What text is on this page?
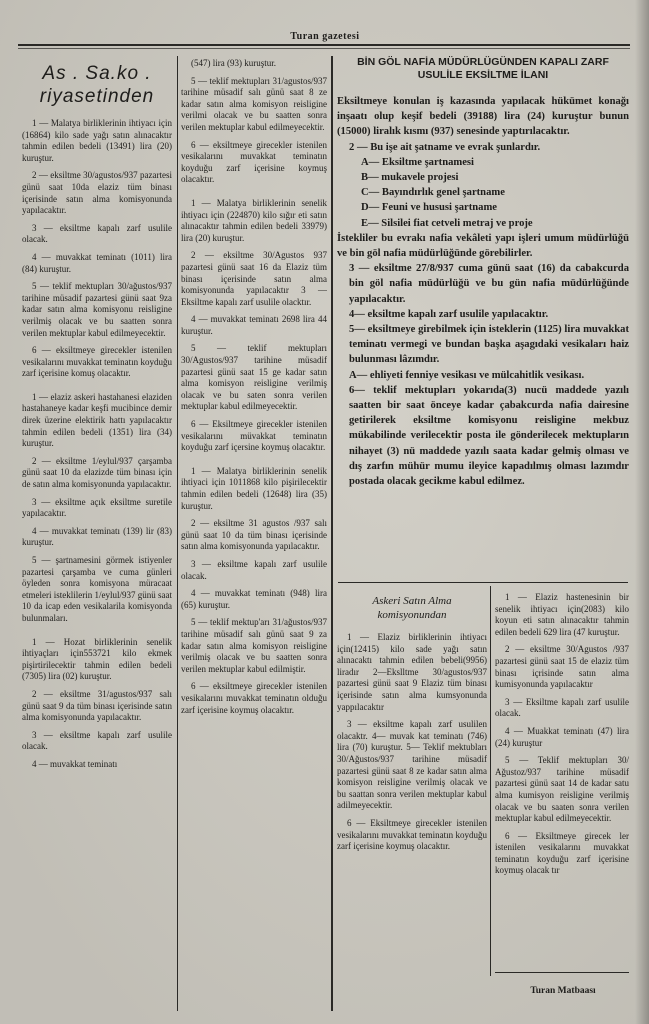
Turan gazetesi
As . Sa.ko . riyasetinden

1 — Malatya birliklerinin ihtiyacı için (16864) kilo sade yağı satın alınacaktır tahmin edilen bedeli (13491) lira (20) kuruştur.

2 — eksiltme 30/agustos/937 pazartesi günü saat 10da elaziz tüm binası içerisinde satın alma komisyonunda yapılacaktır.

3 — eksiltme kapalı zarf usulile olacak.

4 — muvakkat teminatı (1011) lira (84) kuruştur.

5 — teklif mektupları 30/ağustos/937 tarihine müsadif pazartesi günü saat 9za kadar satın alma komisyonu reisligine verilmiş olacak ve bu saatten sonra verilen mektuplar kabul edilmeyecektir.

6 — eksiltmeye girecekler istenilen vesikalarını muvakkat teminatın koyduğu zarf içerisine komuş olacaktır.

1 — elaziz askeri hastahanesi elaziden hastahaneye kadar keşfi mucibince demir direk üzerine elektirik hattı yapılacaktır tahmin edilen bedeli (1351) lira (34) kuruştur.

2 — eksiltme 1/eylul/937 çarşamba günü saat 10 da elazizde tüm binası için de satın alma komisyonunda yapılacaktır.

3 — eksiltme açık eksiltme suretile yapılacaktır.

4 — muvakkat teminatı (139) lir (83) kuruştur.

5 — şartnamesini görmek istiyenler pazartesi çarşamba ve cuma günleri öyleden sonra komisyona müracaat etmeleri isteklilerin 1/eylul/937 günü saat 10 da icap eden vesikalarila komisyonda bulunmaları.

1 — Hozat birliklerinin senelik ihtiyaçları için553721 kilo ekmek pişirtirilecektir tahmin edilen bedeli (7305) lira (02) kuruştur.

2 — eksiltme 31/agustos/937 salı günü saat 9 da tüm binası içerisinde satın alma komisyonunda yapılacaktır.

3 — eksiltme kapalı zarf usulile olacak.

4 — muvakkat teminatı

(547) lira (93) kuruştur.

5 — teklif mektupları 31/agustos/937 tarihine müsadif salı günü saat 8 ze kadar satın alma komisyon reisligine verilmi olacak ve bu saatten sonra verilen mektuplar kabul edilmeyecektir.

6 — eksiltmeye girecekler istenilen vesikalarını muvakkat teminatın koyduğu zarf içerisine koymuş olacaktır.

1 — Malatya birliklerinin senelik ihtiyacı için (224870) kilo sığır eti satın alınacaktır tahmin edilen bedeli 33979) lira (20) kuruştur.

2 — eksiltme 30/Agustos 937 pazartesi günü saat 16 da Elaziz tüm binası içerisinde satın alma komisyonunda yapılacaktır 3 — Eksiltme kapalı zarf usulile olacktır.

4 — muvakkat teminatı 2698 lira 44 kuruştur.

5 — teklif mektupları 30/Agustos/937 tarihine müsadif pazartesi günü saat 15 ge kadar satın alma komisyon reisligine verilmiş olacak ve bu saten sonra verilen mektuplar kabul edilmeyecektir.

6 — Eksiltmeye girecekler istenilen vesikalarını müvakkat teminatın koyduğu zarf içersine koymuş olacaktır.

1 — Malatya birliklerinin senelik ihtiyaci için 1011868 kilo pişirilecektir tahmin edilen bedeli (12648) lira (35) kuruştur.

2 — eksiltme 31 agustos /937 salı günü saat 10 da tüm binası içerisinde satın alma komisyonunda yapılacaktır.

3 — eksiltme kapalı zarf usulile olacak.

4 — muvakkat teminatı (948) lira (65) kuruştur.

5 — teklif mektup'arı 31/ağustos/937 tarihine müsadif salı günü saat 9 za kadar satın alma komisyon reisligine verilmiş olacak ve bu saatten sonra verilen mektuplar kabul edilmiştir.

6 — eksiltmeye girecekler istenilen vesikalarını muvakkat teminatın olduğu zarf içerisine koymuş olacaktır.

BİN GÖL NAFİA MÜDÜRLÜGÜNDEN KAPALI ZARF USULİLE EKSİLTME İLANI

Eksiltmeye konulan iş kazasında yapılacak hükümet konağı inşaatı olup keşif bedeli (39188) lira (24) kuruştur bunun (15000) liralık kısmı (937) senesinde yaptırılacaktır.

2 — Bu işe ait şatname ve evrak şunlardır.

A— Eksiltme şartnamesi

B— mukavele projesi

C— Bayındırlık genel şartname

D— Feuni ve hususi şartname

E— Silsilei fiat cetveli metraj ve proje

İstekliler bu evrakı nafia vekâleti yapı işleri umum müdürlüğü ve bin göl nafia müdürlüğünde görebilirler.

3 — eksiltme 27/8/937 cuma günü saat (16) da cabakcurda bin göl nafia müdürlüğü ve bu gün nafia müdürlüğünde yapılacaktır.

4— eksiltme kapalı zarf usulile yapılacaktır.

5— eksiltmeye girebilmek için isteklerin (1125) lira muvakkat teminatı vermegi ve bundan başka aşagıdaki vesikaları haiz bulunması lâzımdır.

A— ehliyeti fenniye vesikası ve mülcahitlik vesikası.

6— teklif mektupları yokarıda(3) nucü maddede yazılı saatten bir saat önceye kadar çabakcurda nafia dairesine getirilerek eksiltme komisyonu reisligine mekbuz mükabilinde verilecektir posta ile gönderilecek mektupların nihayet (3) nü maddede yazılı saata kadar gelmiş olması ve dış zarfın mühür mumu ileyice kapadılmış olması lazımdır postada olacak gecikme kabul edilmez.

Askeri Satın Alma komisyonundan

1 — Elaziz birliklerinin ihtiyacı için(12415) kilo sade yağı satın alınacaktı tahmin edilen bebeli(9956) liradır 2—Ekslltme 30/agustos/937 pazartesi günü saat 9 Elaziz tüm binası içerisinde satın alma kumsyonunda yappılacaktır

3 — eksiltme kapalı zarf usulilen olacaktr. 4— muvak kat teminatı (746) lira (70) kuruştur. 5— Teklif mektubları 30/Ağustos/937 tarihine müsadif pazartesi günü saat 8 ze kadar satın alma komisyon reisligine verilmiş olacak ve bu saattan sonra verilen mektuplar kabul adilmeyecektir.

6 — Eksiltmeye girecekler istenilen vesikalarını muvakkat teminatın koyduğu zarf içerisine koymuş olacaktır.

1 — Elaziz hastenesinin bir senelik ihtiyacı için(2083) kilo koyun eti satın alınacaktır tahmin edilen bedeli 629 lira (47 kuruştur.

2 — eksiltme 30/Agustos /937 pazartesi günü saat 15 de elaziz tüm binası içrisinde satın alma kumisyonunda yapılacaktır

3 — Eksiltme kapalı zarf usulile olacak.

4 — Muakkat teminatı (47) lira (24) kuruştur

5 — Teklif mektupları 30/ Ağustoz/937 tarihine müsadif pazartesi günü saat 14 de kadar satu alma kumisyon reisligine verilmiş olacak ve bu saaten sonra verilen mektuplar kabul edilmeyecektir.

6 — Eksiltmeye girecek ler istenilen vesikalarını muvakkat teminatın koyduğu zarf içerisine koymuş olacak tır

Turan Matbaası
